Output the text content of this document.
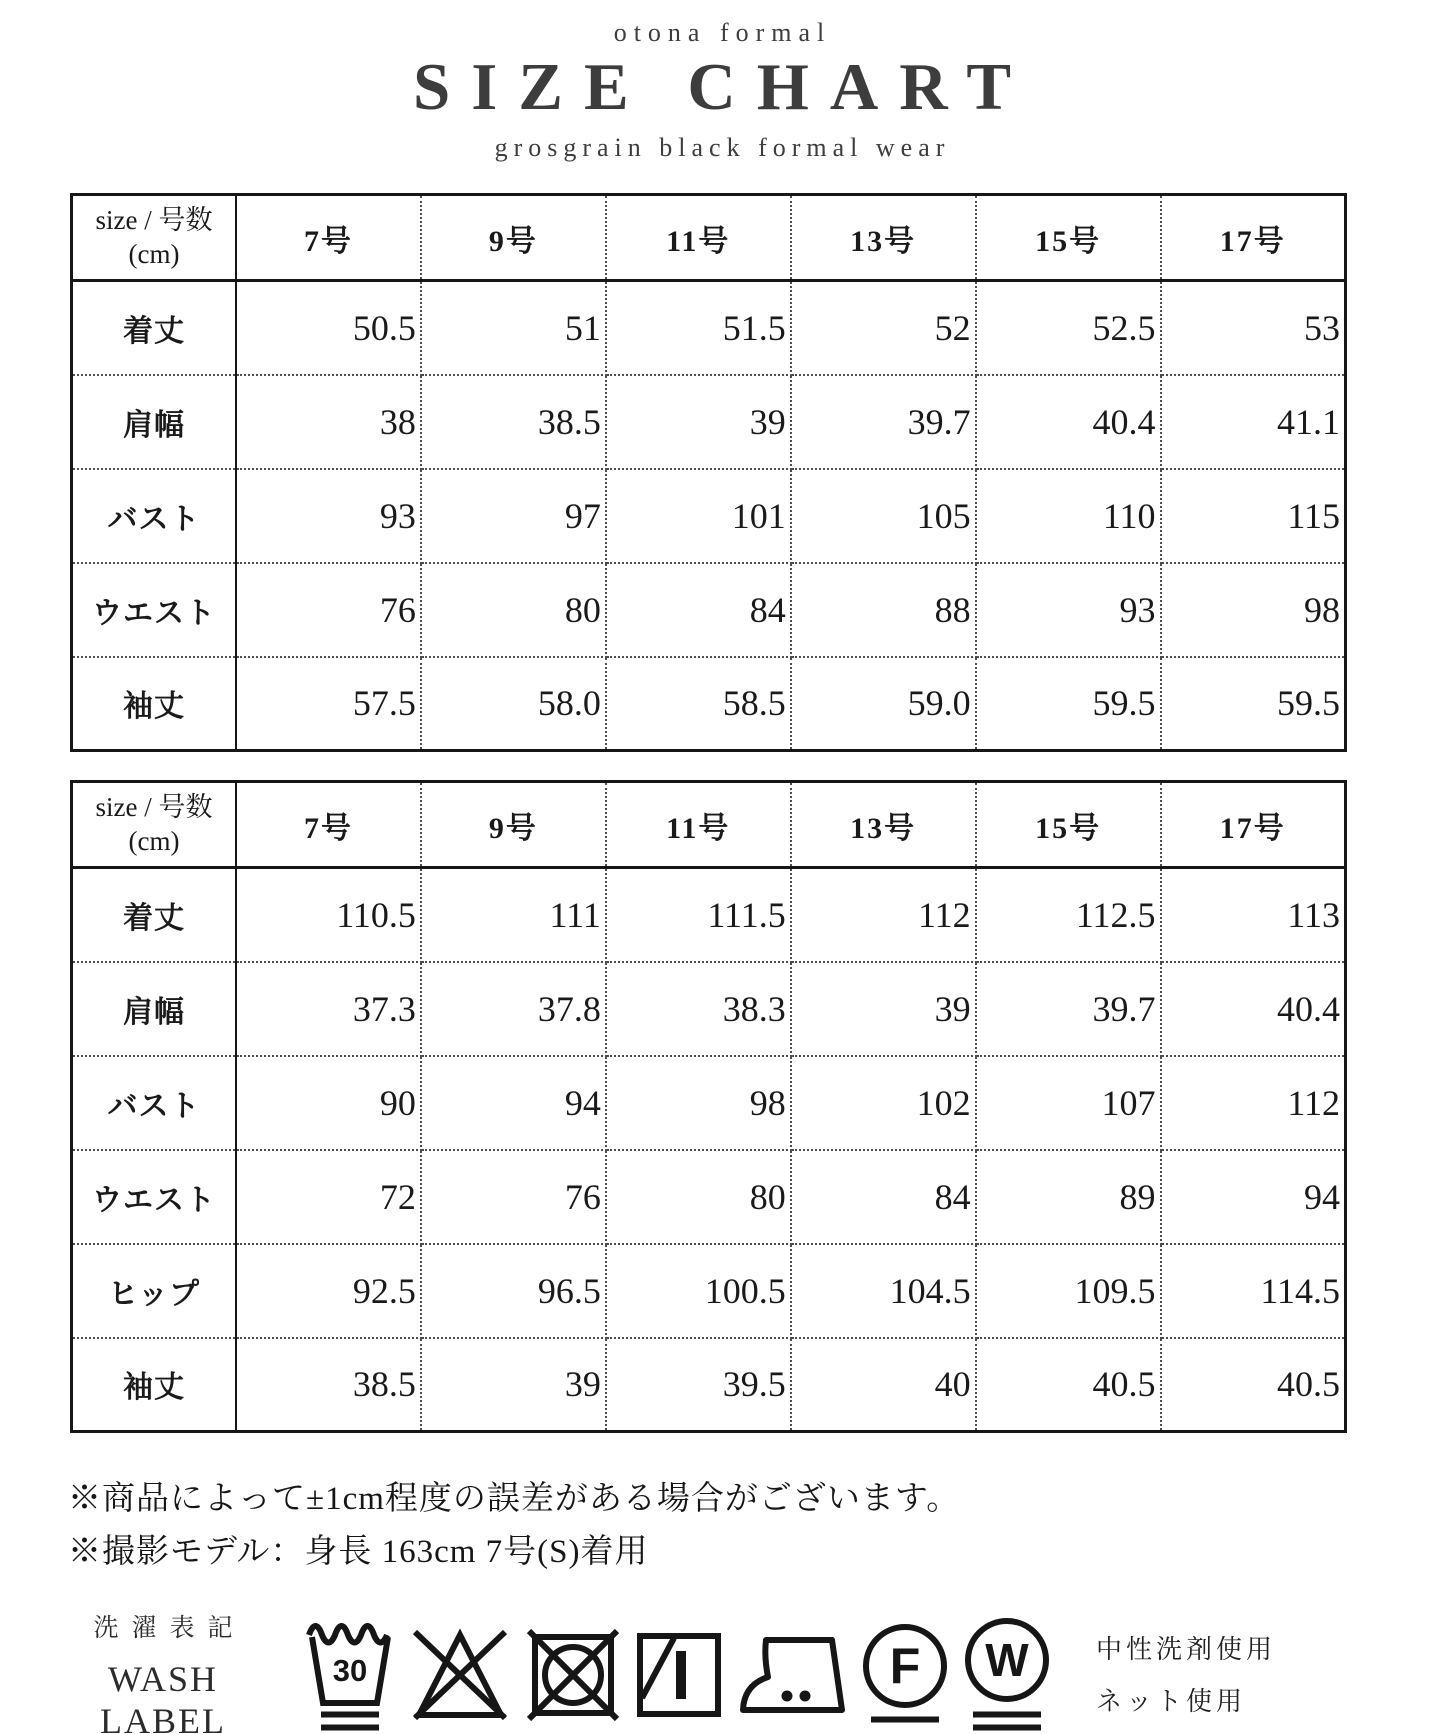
otona formal
SIZE CHART
grosgrain black formal wear
size / 号数
(cm)	7号	9号	11号	13号	15号	17号
着丈	50.5	51	51.5	52	52.5	53
肩幅	38	38.5	39	39.7	40.4	41.1
バスト	93	97	101	105	110	115
ウエスト	76	80	84	88	93	98
袖丈	57.5	58.0	58.5	59.0	59.5	59.5
size / 号数
(cm)	7号	9号	11号	13号	15号	17号
着丈	110.5	111	111.5	112	112.5	113
肩幅	37.3	37.8	38.3	39	39.7	40.4
バスト	90	94	98	102	107	112
ウエスト	72	76	80	84	89	94
ヒップ	92.5	96.5	100.5	104.5	109.5	114.5
袖丈	38.5	39	39.5	40	40.5	40.5
※商品によって±1cm程度の誤差がある場合がございます。
※撮影モデル：身長 163cm 7号(S)着用
洗濯表記
WASH LABEL
30	F W	中性洗剤使用
ネット使用
